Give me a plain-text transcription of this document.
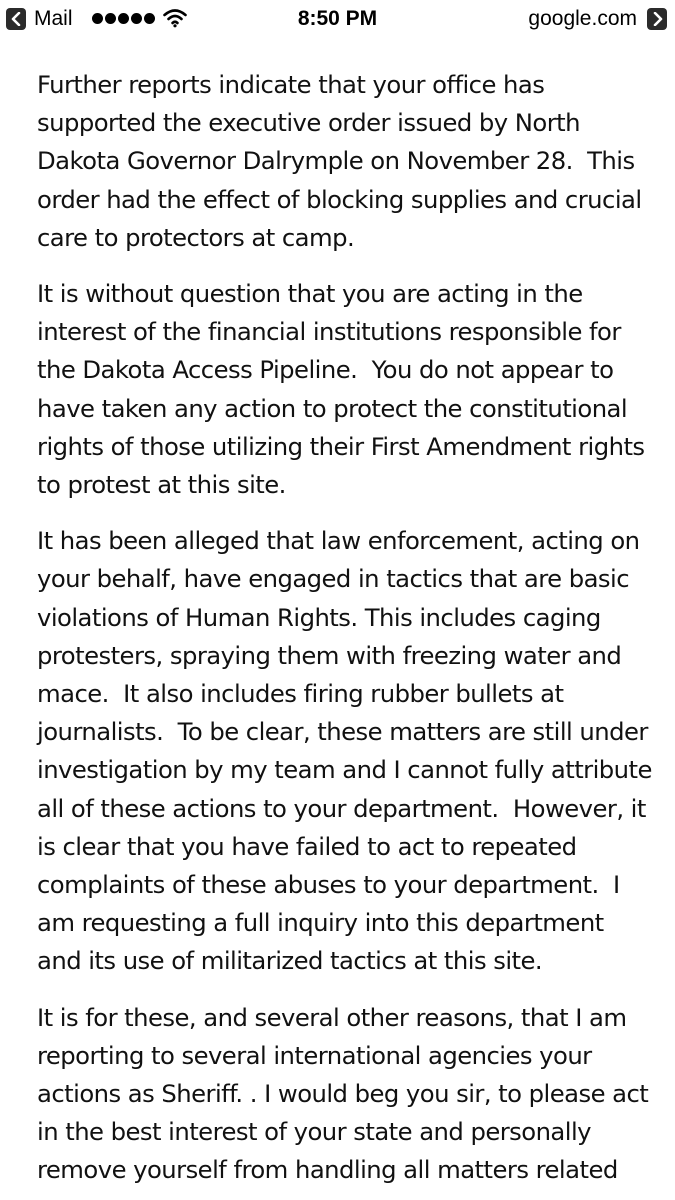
Mail	8:50 PM	google.com

Further reports indicate that your office has supported the executive order issued by North Dakota Governor Dalrymple on November 28.  This order had the effect of blocking supplies and crucial care to protectors at camp.

It is without question that you are acting in the interest of the financial institutions responsible for the Dakota Access Pipeline.  You do not appear to have taken any action to protect the constitutional rights of those utilizing their First Amendment rights to protest at this site.

It has been alleged that law enforcement, acting on your behalf, have engaged in tactics that are basic violations of Human Rights. This includes caging protesters, spraying them with freezing water and mace.  It also includes firing rubber bullets at journalists.  To be clear, these matters are still under investigation by my team and I cannot fully attribute all of these actions to your department.  However, it is clear that you have failed to act to repeated complaints of these abuses to your department.  I am requesting a full inquiry into this department and its use of militarized tactics at this site.

It is for these, and several other reasons, that I am reporting to several international agencies your actions as Sheriff. . I would beg you sir, to please act in the best interest of your state and personally remove yourself from handling all matters related
